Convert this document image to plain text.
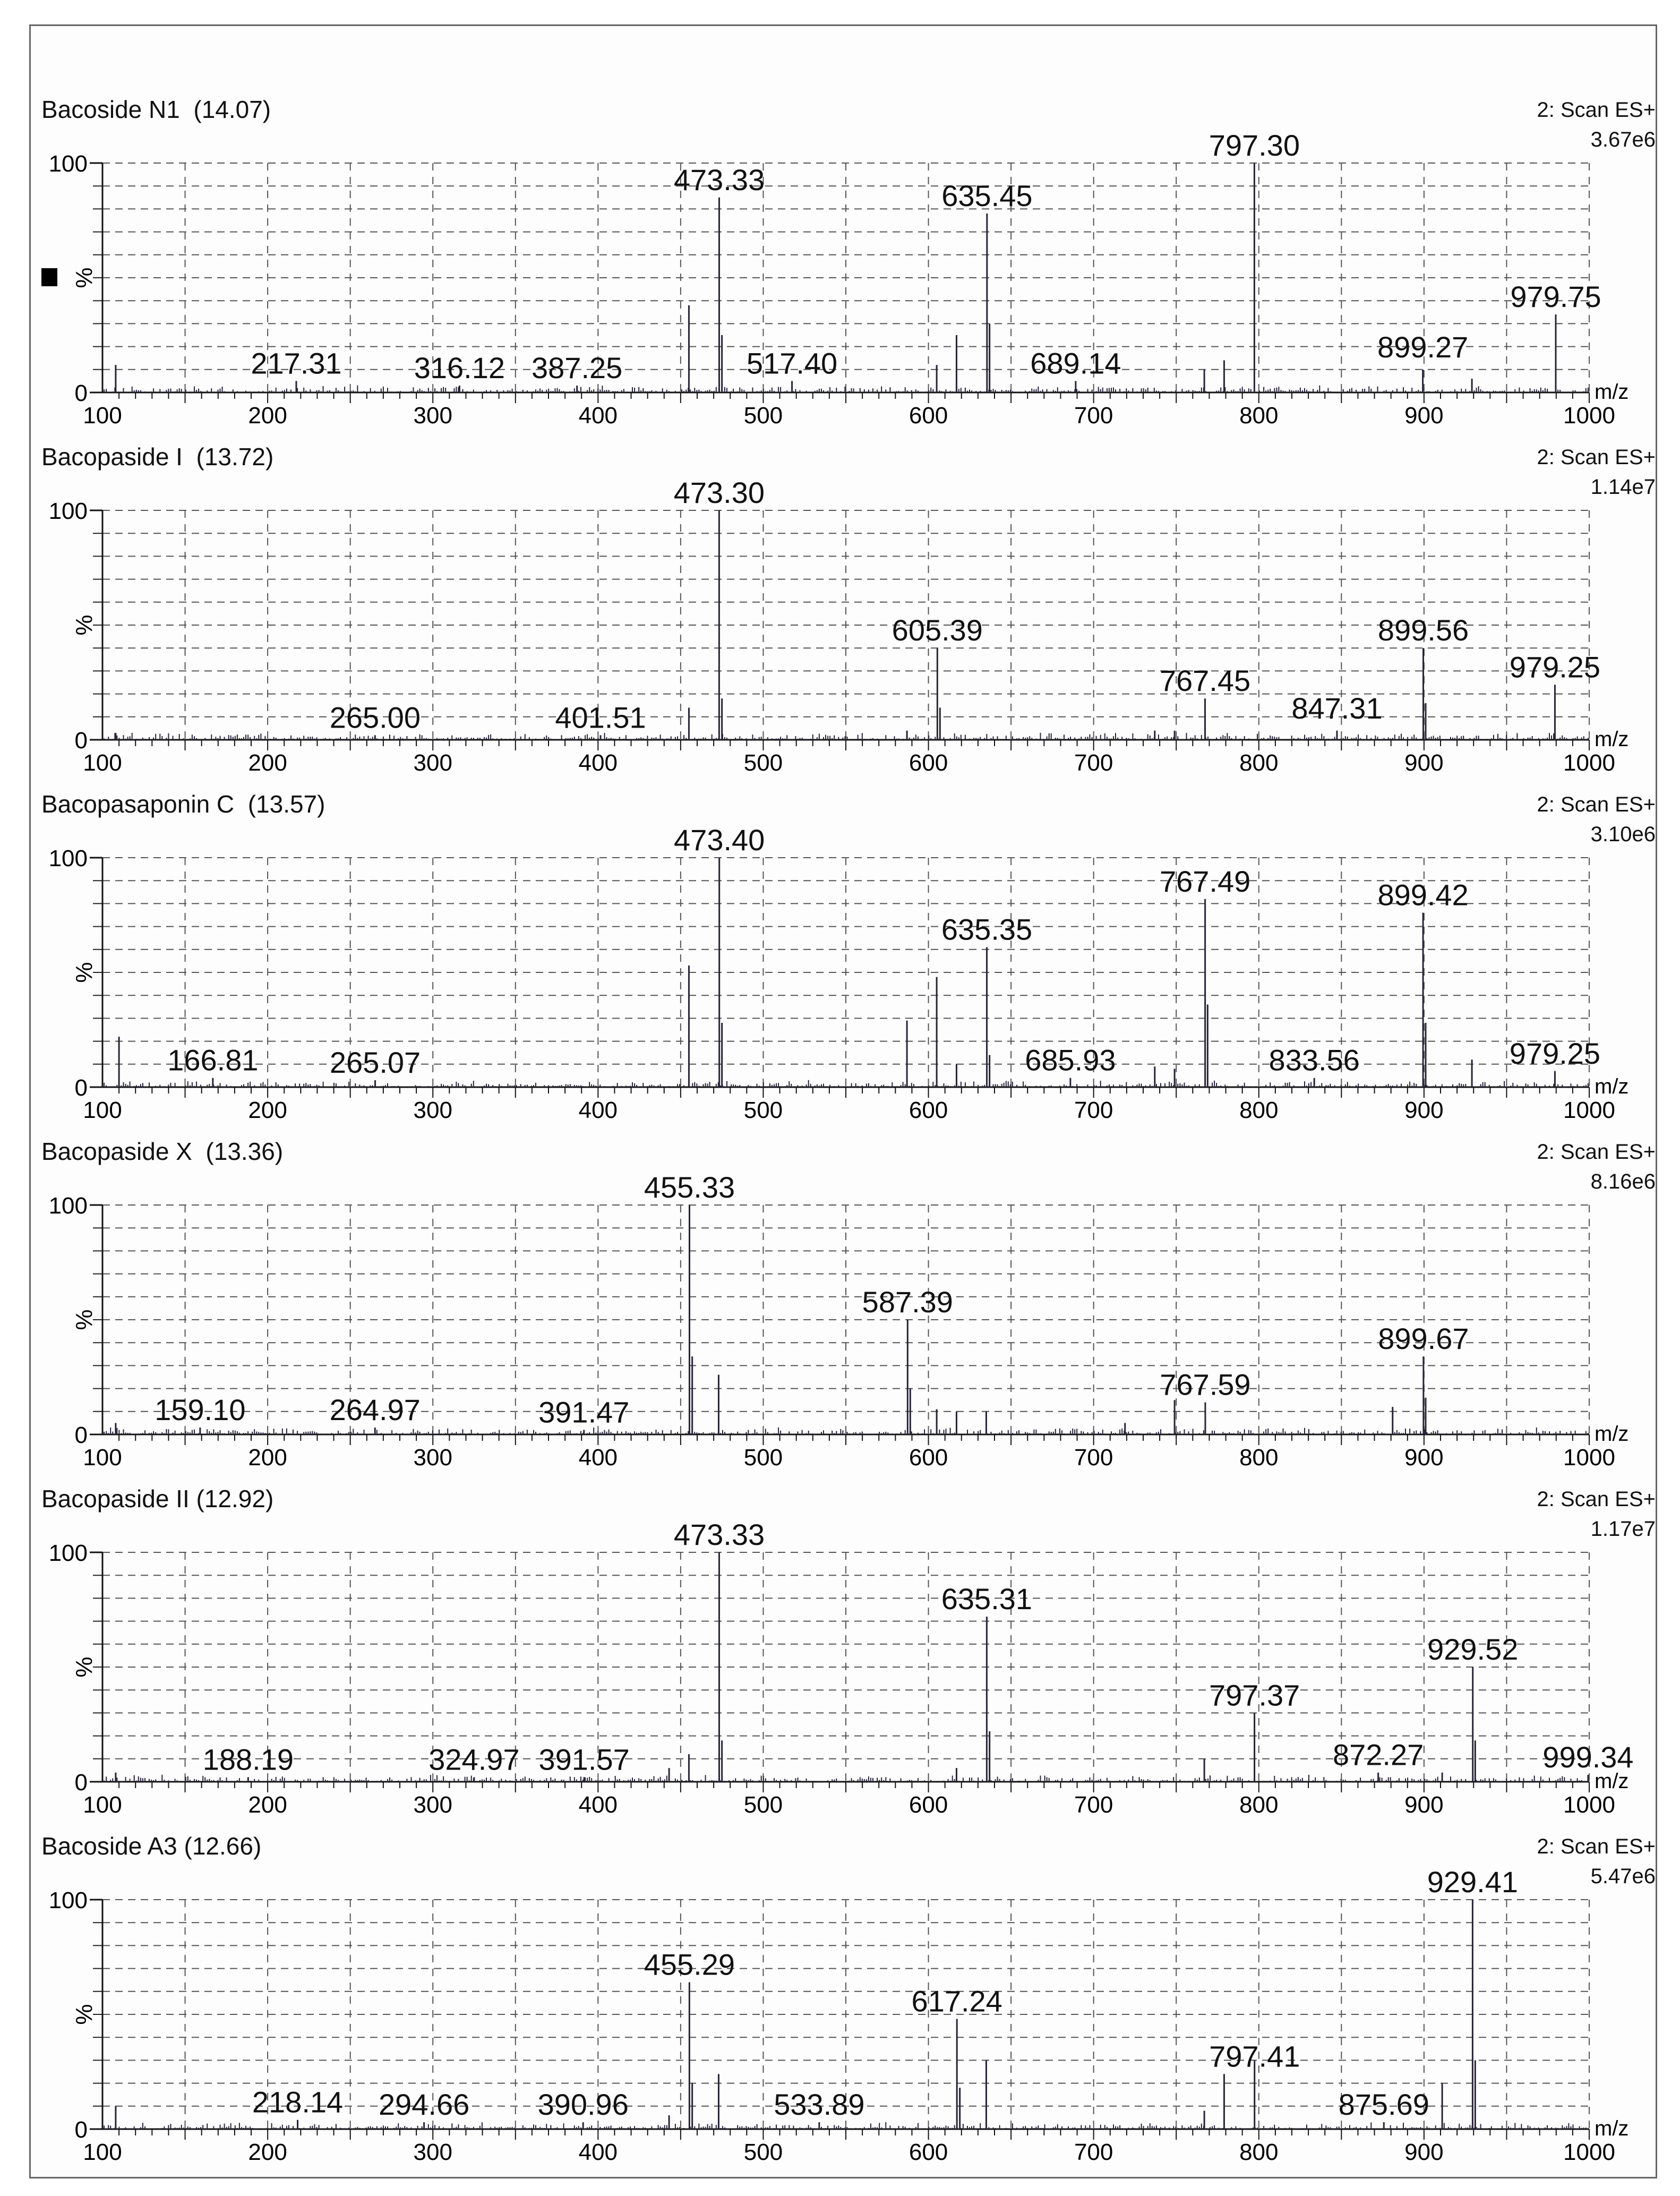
Bacoside N1  (14.07)	2: Scan ES+
3.67e6
100
0
%
100	200	300	400	500	600	700	800	900	1000
m/z
217.31 316.12 387.25
473.33
517.40
635.45
689.14
797.30
899.27
979.75
Bacopaside I  (13.72)	2: Scan ES+
1.14e7
100
0
%
100	200	300	400	500	600	700	800	900	1000
m/z
265.00	401.51
473.30
605.39
767.45
847.31
899.56
979.25
Bacopasaponin C  (13.57)	2: Scan ES+
3.10e6
100
0
%
100	200	300	400	500	600	700	800	900	1000
m/z
166.81 265.07
473.40
635.35
685.93
767.49
833.56
899.42
979.25
Bacopaside X  (13.36)	2: Scan ES+
8.16e6
100
0
%
100	200	300	400	500	600	700	800	900	1000
m/z
159.10	264.97	391.47
455.33
587.39
767.59
899.67
Bacopaside II (12.92)	2: Scan ES+
1.17e7
100
0
%
100	200	300	400	500	600	700	800	900	1000
m/z
188.19	324.97 391.57
473.33
635.31
797.37
872.27
929.52
999.34
Bacoside A3 (12.66)	2: Scan ES+
5.47e6
100
0
%
100	200	300	400	500	600	700	800	900	1000
m/z
218.14 294.66 390.96
455.29
533.89
617.24
797.41
875.69
929.41
